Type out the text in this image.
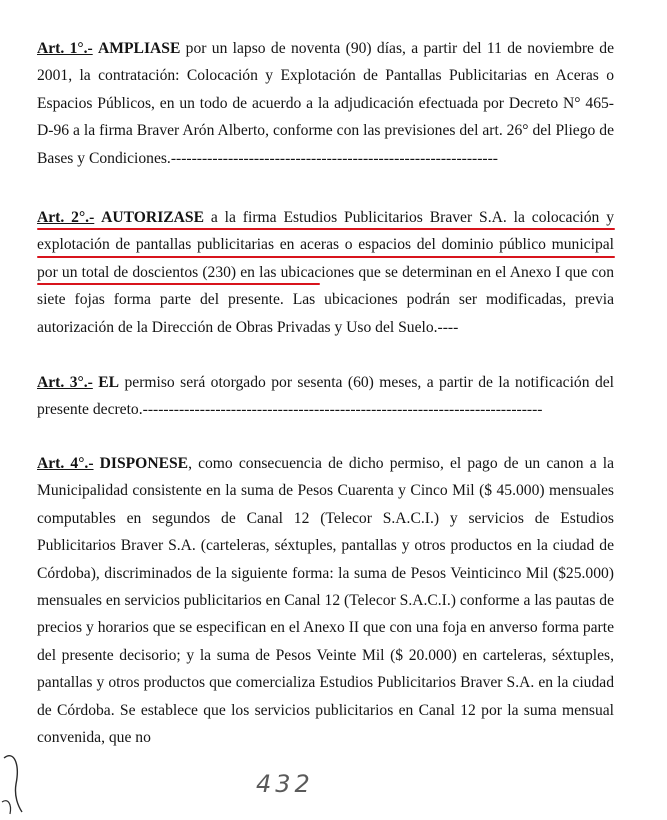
Art. 1°.- AMPLIASE por un lapso de noventa (90) días, a partir del 11 de noviembre de 2001, la contratación: Colocación y Explotación de Pantallas Publicitarias en Aceras o Espacios Públicos, en un todo de acuerdo a la adjudicación efectuada por Decreto N° 465-D-96 a la firma Braver Arón Alberto, conforme con las previsiones del art. 26° del Pliego de Bases y Condiciones.---------------------------------------------------------------

Art. 2°.- AUTORIZASE a la firma Estudios Publicitarios Braver S.A. la colocación y explotación de pantallas publicitarias en aceras o espacios del dominio público municipal por un total de doscientos (230) en las ubicaciones que se determinan en el Anexo I que con siete fojas forma parte del presente. Las ubicaciones podrán ser modificadas, previa autorización de la Dirección de Obras Privadas y Uso del Suelo.----

Art. 3°.- EL permiso será otorgado por sesenta (60) meses, a partir de la notificación del presente decreto.-----------------------------------------------------------------------------

Art. 4°.- DISPONESE, como consecuencia de dicho permiso, el pago de un canon a la Municipalidad consistente en la suma de Pesos Cuarenta y Cinco Mil ($ 45.000) mensuales computables en segundos de Canal 12 (Telecor S.A.C.I.) y servicios de Estudios Publicitarios Braver S.A. (carteleras, séxtuples, pantallas y otros productos en la ciudad de Córdoba), discriminados de la siguiente forma: la suma de Pesos Veinticinco Mil ($25.000) mensuales en servicios publicitarios en Canal 12 (Telecor S.A.C.I.) conforme a las pautas de precios y horarios que se especifican en el Anexo II que con una foja en anverso forma parte del presente decisorio; y la suma de Pesos Veinte Mil ($ 20.000) en carteleras, séxtuples, pantallas y otros productos que comercializa Estudios Publicitarios Braver S.A. en la ciudad de Córdoba. Se establece que los servicios publicitarios en Canal 12 por la suma mensual convenida, que no

432
